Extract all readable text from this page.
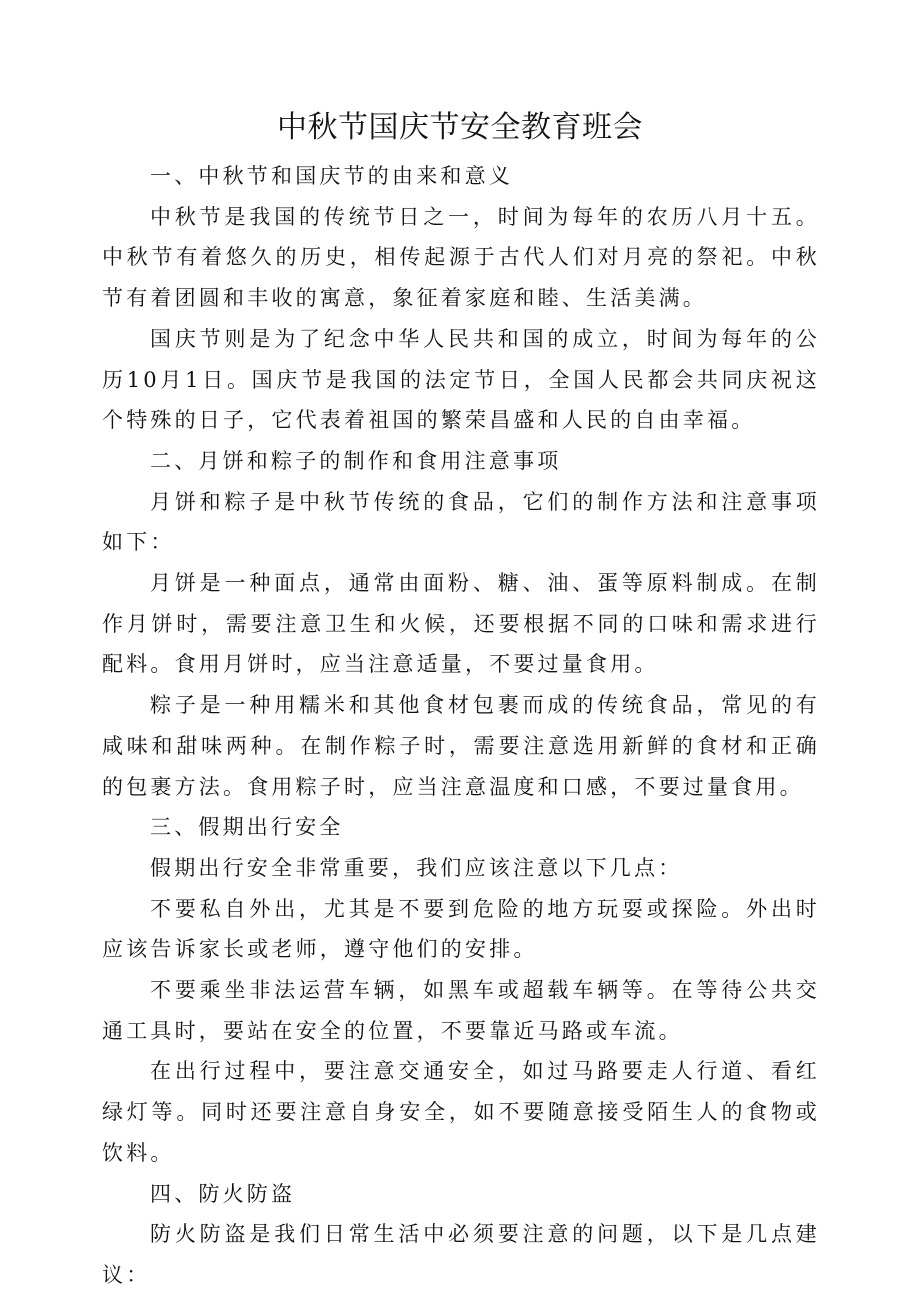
中秋节国庆节安全教育班会

一、中秋节和国庆节的由来和意义

中秋节是我国的传统节日之一，时间为每年的农历八月十五。中秋节有着悠久的历史，相传起源于古代人们对月亮的祭祀。中秋节有着团圆和丰收的寓意，象征着家庭和睦、生活美满。

国庆节则是为了纪念中华人民共和国的成立，时间为每年的公历10月1日。国庆节是我国的法定节日，全国人民都会共同庆祝这个特殊的日子，它代表着祖国的繁荣昌盛和人民的自由幸福。

二、月饼和粽子的制作和食用注意事项

月饼和粽子是中秋节传统的食品，它们的制作方法和注意事项如下：

月饼是一种面点，通常由面粉、糖、油、蛋等原料制成。在制作月饼时，需要注意卫生和火候，还要根据不同的口味和需求进行配料。食用月饼时，应当注意适量，不要过量食用。

粽子是一种用糯米和其他食材包裹而成的传统食品，常见的有咸味和甜味两种。在制作粽子时，需要注意选用新鲜的食材和正确的包裹方法。食用粽子时，应当注意温度和口感，不要过量食用。

三、假期出行安全

假期出行安全非常重要，我们应该注意以下几点：

不要私自外出，尤其是不要到危险的地方玩耍或探险。外出时应该告诉家长或老师，遵守他们的安排。

不要乘坐非法运营车辆，如黑车或超载车辆等。在等待公共交通工具时，要站在安全的位置，不要靠近马路或车流。

在出行过程中，要注意交通安全，如过马路要走人行道、看红绿灯等。同时还要注意自身安全，如不要随意接受陌生人的食物或饮料。

四、防火防盗

防火防盗是我们日常生活中必须要注意的问题，以下是几点建议：
